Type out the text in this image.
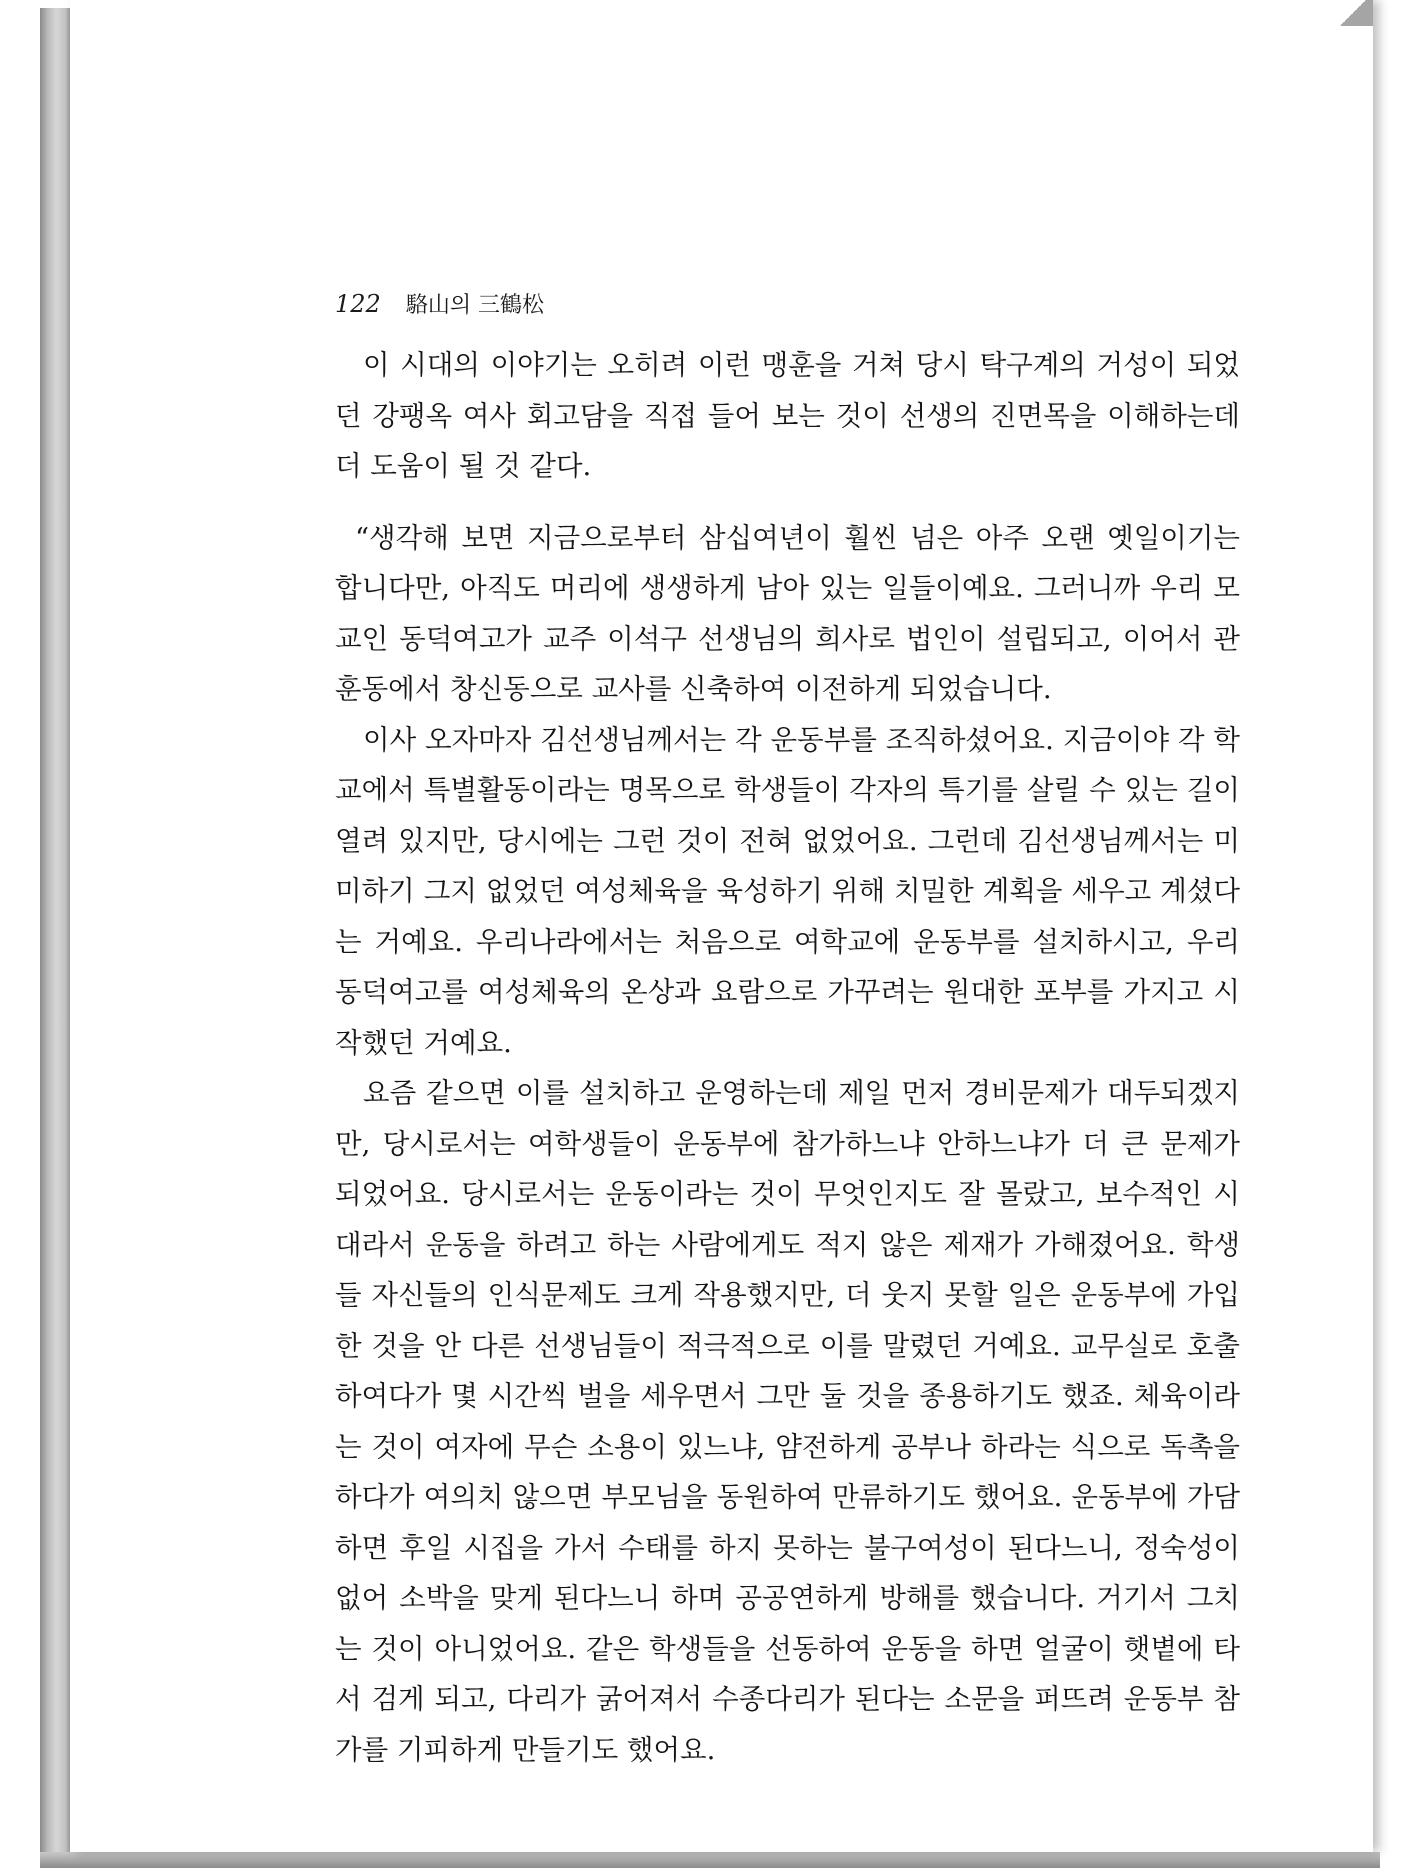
122 駱山의 三鶴松

이 시대의 이야기는 오히려 이런 맹훈을 거쳐 당시 탁구계의 거성이 되었던 강팽옥 여사 회고담을 직접 들어 보는 것이 선생의 진면목을 이해하는데 더 도움이 될 것 같다.

“생각해 보면 지금으로부터 삼십여년이 훨씬 넘은 아주 오랜 옛일이기는 합니다만, 아직도 머리에 생생하게 남아 있는 일들이예요. 그러니까 우리 모교인 동덕여고가 교주 이석구 선생님의 희사로 법인이 설립되고, 이어서 관훈동에서 창신동으로 교사를 신축하여 이전하게 되었습니다.

이사 오자마자 김선생님께서는 각 운동부를 조직하셨어요. 지금이야 각 학교에서 특별활동이라는 명목으로 학생들이 각자의 특기를 살릴 수 있는 길이 열려 있지만, 당시에는 그런 것이 전혀 없었어요. 그런데 김선생님께서는 미미하기 그지 없었던 여성체육을 육성하기 위해 치밀한 계획을 세우고 계셨다는 거예요. 우리나라에서는 처음으로 여학교에 운동부를 설치하시고, 우리 동덕여고를 여성체육의 온상과 요람으로 가꾸려는 원대한 포부를 가지고 시작했던 거예요.

요즘 같으면 이를 설치하고 운영하는데 제일 먼저 경비문제가 대두되겠지만, 당시로서는 여학생들이 운동부에 참가하느냐 안하느냐가 더 큰 문제가 되었어요. 당시로서는 운동이라는 것이 무엇인지도 잘 몰랐고, 보수적인 시대라서 운동을 하려고 하는 사람에게도 적지 않은 제재가 가해졌어요. 학생들 자신들의 인식문제도 크게 작용했지만, 더 웃지 못할 일은 운동부에 가입한 것을 안 다른 선생님들이 적극적으로 이를 말렸던 거예요. 교무실로 호출하여다가 몇 시간씩 벌을 세우면서 그만 둘 것을 종용하기도 했죠. 체육이라는 것이 여자에 무슨 소용이 있느냐, 얌전하게 공부나 하라는 식으로 독촉을 하다가 여의치 않으면 부모님을 동원하여 만류하기도 했어요. 운동부에 가담하면 후일 시집을 가서 수태를 하지 못하는 불구여성이 된다느니, 정숙성이 없어 소박을 맞게 된다느니 하며 공공연하게 방해를 했습니다. 거기서 그치는 것이 아니었어요. 같은 학생들을 선동하여 운동을 하면 얼굴이 햇볕에 타서 검게 되고, 다리가 굵어져서 수종다리가 된다는 소문을 퍼뜨려 운동부 참가를 기피하게 만들기도 했어요.
